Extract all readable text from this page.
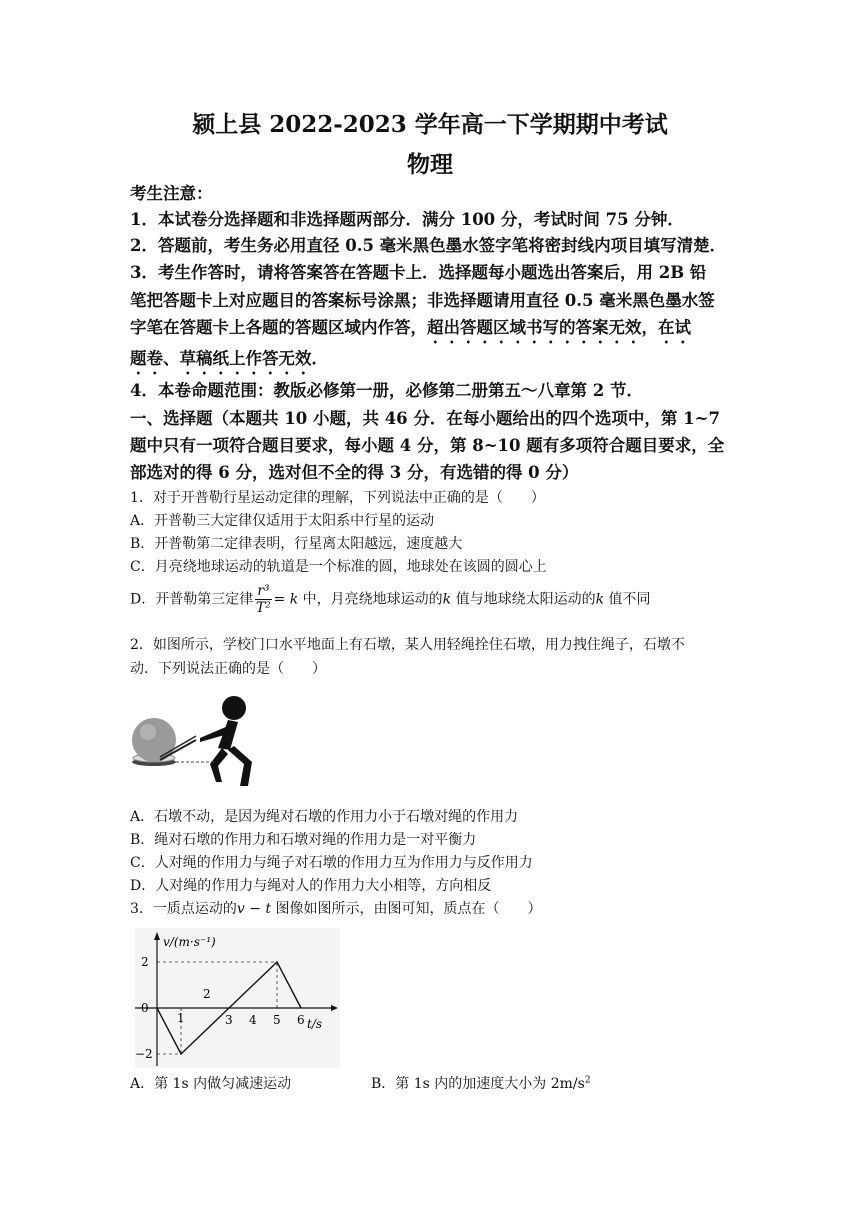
颍上县 2022-2023 学年高一下学期期中考试
物理
考生注意：
1．本试卷分选择题和非选择题两部分．满分 100 分，考试时间 75 分钟．
2．答题前，考生务必用直径 0.5 毫米黑色墨水签字笔将密封线内项目填写清楚．
3．考生作答时，请将答案答在答题卡上．选择题每小题选出答案后，用 2B 铅
笔把答题卡上对应题目的答案标号涂黑；非选择题请用直径 0.5 毫米黑色墨水签
字笔在答题卡上各题的答题区域内作答，超出答题区域书写的答案无效，在试
题卷、草稿纸上作答无效．
4．本卷命题范围：教版必修第一册，必修第二册第五～八章第 2 节．
一、选择题（本题共 10 小题，共 46 分．在每小题给出的四个选项中，第 1~7
题中只有一项符合题目要求，每小题 4 分，第 8~10 题有多项符合题目要求，全
部选对的得 6 分，选对但不全的得 3 分，有选错的得 0 分）
1．对于开普勒行星运动定律的理解，下列说法中正确的是（　　）
A．开普勒三大定律仅适用于太阳系中行星的运动
B．开普勒第二定律表明，行星离太阳越远，速度越大
C．月亮绕地球运动的轨道是一个标准的圆，地球处在该圆的圆心上
D．开普勒第三定律 $\frac{\text{r³}}{\text{T²}} = k$ 中，月亮绕地球运动的k 值与地球绕太阳运动的k 值不同
2．如图所示，学校门口水平地面上有石墩，某人用轻绳拴住石墩，用力拽住绳子，石墩不
动．下列说法正确的是（　　）
A．石墩不动，是因为绳对石墩的作用力小于石墩对绳的作用力
B．绳对石墩的作用力和石墩对绳的作用力是一对平衡力
C．人对绳的作用力与绳子对石墩的作用力互为作用力与反作用力
D．人对绳的作用力与绳对人的作用力大小相等，方向相反
3．一质点运动的v − t 图像如图所示，由图可知，质点在（　　）
v/(m·s⁻¹)
t/s
1	3 4 5 6
2
0
−2
2
A．第 1s 内做匀减速运动	B．第 1s 内的加速度大小为 $2m/s^2$
